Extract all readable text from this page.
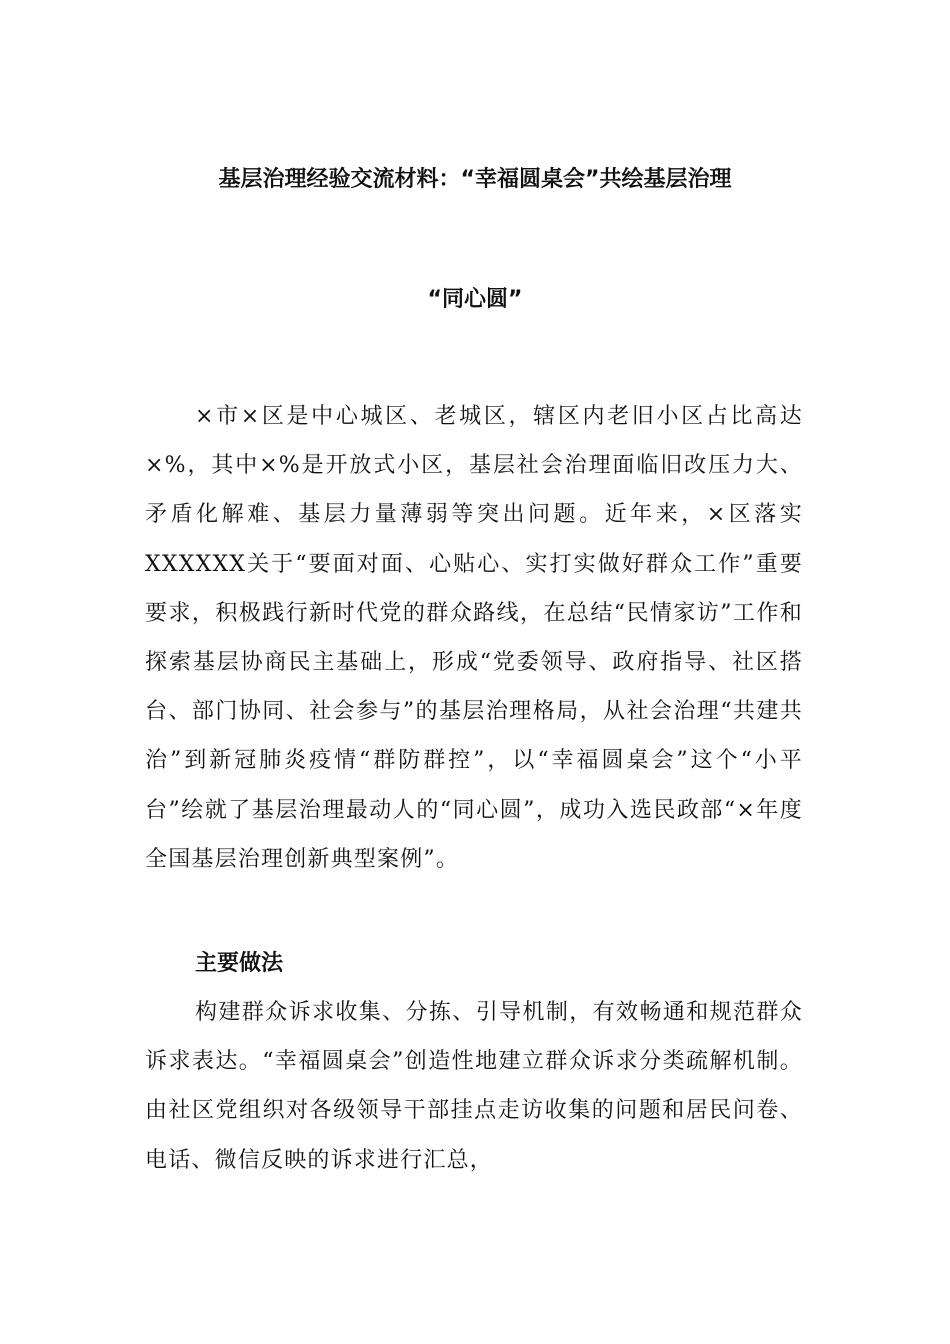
基层治理经验交流材料：“幸福圆桌会”共绘基层治理
“同心圆”
×市×区是中心城区、老城区，辖区内老旧小区占比高达×%，其中×%是开放式小区，基层社会治理面临旧改压力大、矛盾化解难、基层力量薄弱等突出问题。近年来，×区落实XXXXXX关于“要面对面、心贴心、实打实做好群众工作”重要要求，积极践行新时代党的群众路线，在总结“民情家访”工作和探索基层协商民主基础上，形成“党委领导、政府指导、社区搭台、部门协同、社会参与”的基层治理格局，从社会治理“共建共治”到新冠肺炎疫情“群防群控”，以“幸福圆桌会”这个“小平台”绘就了基层治理最动人的“同心圆”，成功入选民政部“×年度全国基层治理创新典型案例”。
主要做法
构建群众诉求收集、分拣、引导机制，有效畅通和规范群众诉求表达。“幸福圆桌会”创造性地建立群众诉求分类疏解机制。由社区党组织对各级领导干部挂点走访收集的问题和居民问卷、电话、微信反映的诉求进行汇总，
